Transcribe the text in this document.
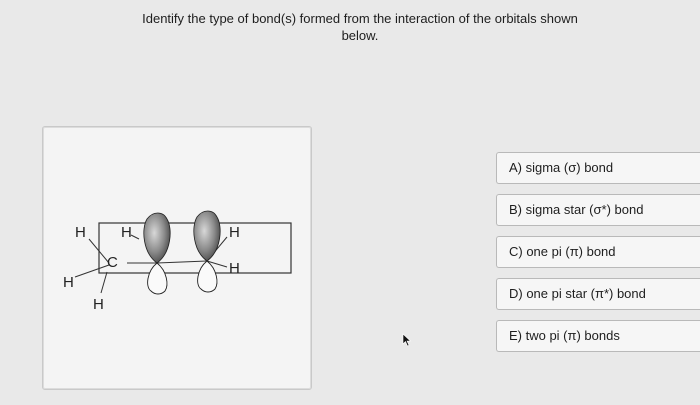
Identify the type of bond(s) formed from the interaction of the orbitals shown
below.
H H	H
H
C
H
H
A) sigma (σ) bond
B) sigma star (σ*) bond
C) one pi (π) bond
D) one pi star (π*) bond
E) two pi (π) bonds
